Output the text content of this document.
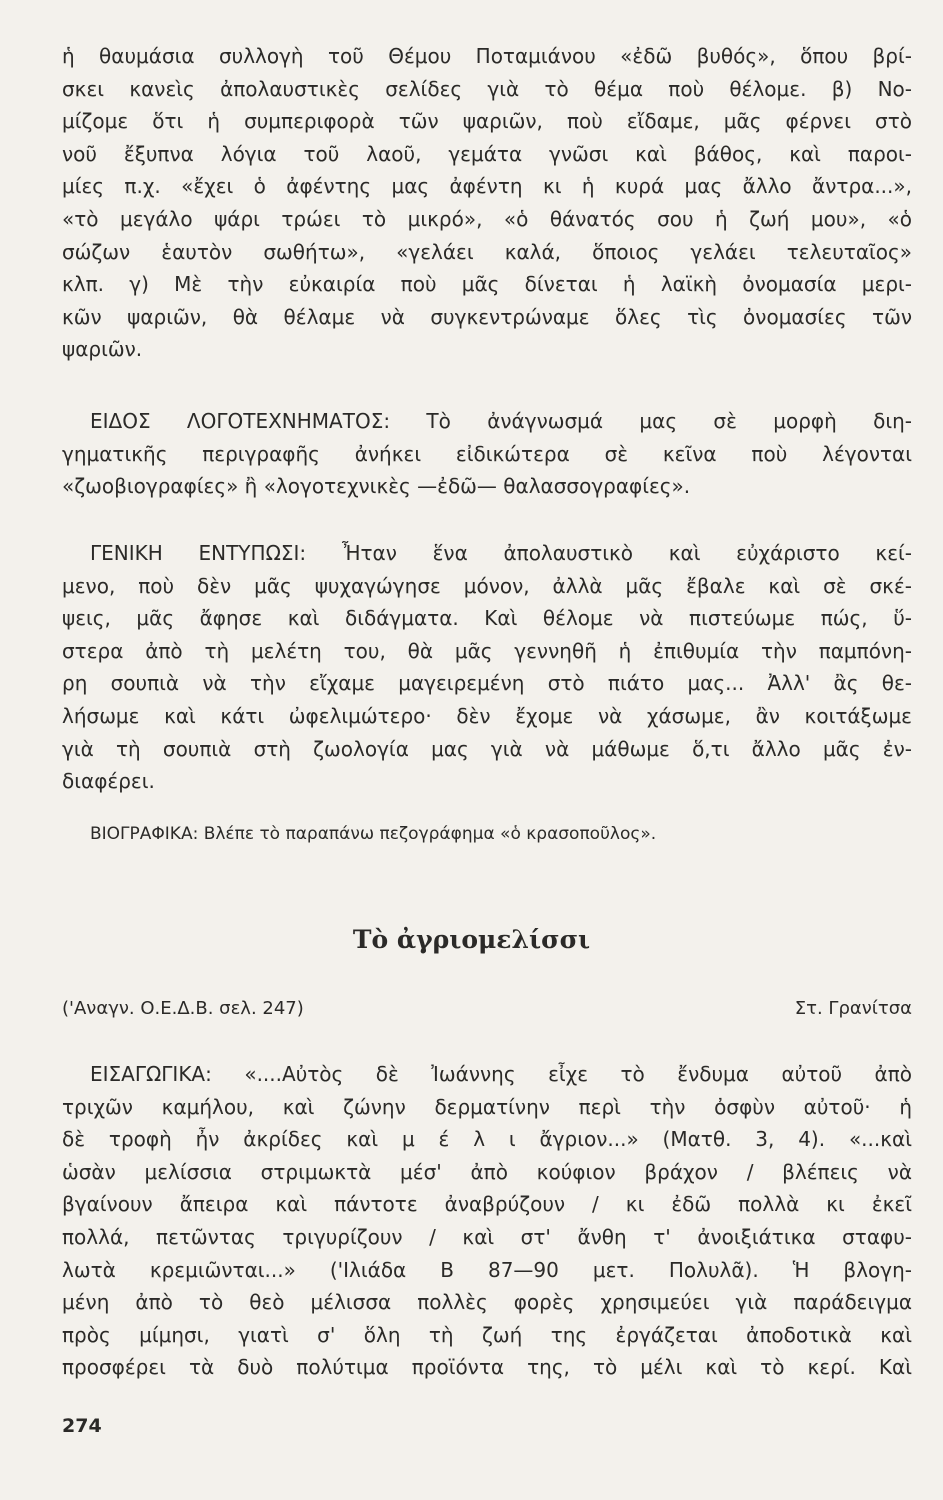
ἡ θαυμάσια συλλογὴ τοῦ Θέμου Ποταμιάνου «ἐδῶ βυθός», ὅπου βρί-
σκει κανεὶς ἀπολαυστικὲς σελίδες γιὰ τὸ θέμα ποὺ θέλομε. β) Νο-
μίζομε ὅτι ἡ συμπεριφορὰ τῶν ψαριῶν, ποὺ εἴδαμε, μᾶς φέρνει στὸ
νοῦ ἔξυπνα λόγια τοῦ λαοῦ, γεμάτα γνῶσι καὶ βάθος, καὶ παροι-
μίες π.χ. «ἔχει ὁ ἀφέντης μας ἀφέντη κι ἡ κυρά μας ἄλλο ἄντρα...»,
«τὸ μεγάλο ψάρι τρώει τὸ μικρό», «ὁ θάνατός σου ἡ ζωή μου», «ὁ
σώζων ἑαυτὸν σωθήτω», «γελάει καλά, ὅποιος γελάει τελευταῖος»
κλπ. γ) Μὲ τὴν εὐκαιρία ποὺ μᾶς δίνεται ἡ λαϊκὴ ὀνομασία μερι-
κῶν ψαριῶν, θὰ θέλαμε νὰ συγκεντρώναμε ὅλες τὶς ὀνομασίες τῶν
ψαριῶν.
ΕΙΔΟΣ ΛΟΓΟΤΕΧΝΗΜΑΤΟΣ: Τὸ ἀνάγνωσμά μας σὲ μορφὴ διη-
γηματικῆς περιγραφῆς ἀνήκει εἰδικώτερα σὲ κεῖνα ποὺ λέγονται
«ζωοβιογραφίες» ἢ «λογοτεχνικὲς —ἐδῶ— θαλασσογραφίες».
ΓΕΝΙΚΗ ΕΝΤΥΠΩΣΙ: Ἦταν ἕνα ἀπολαυστικὸ καὶ εὐχάριστο κεί-
μενο, ποὺ δὲν μᾶς ψυχαγώγησε μόνον, ἀλλὰ μᾶς ἔβαλε καὶ σὲ σκέ-
ψεις, μᾶς ἄφησε καὶ διδάγματα. Καὶ θέλομε νὰ πιστεύωμε πώς, ὕ-
στερα ἀπὸ τὴ μελέτη του, θὰ μᾶς γεννηθῆ ἡ ἐπιθυμία τὴν παμπόνη-
ρη σουπιὰ νὰ τὴν εἴχαμε μαγειρεμένη στὸ πιάτο μας... Ἀλλ' ἂς θε-
λήσωμε καὶ κάτι ὠφελιμώτερο· δὲν ἔχομε νὰ χάσωμε, ἂν κοιτάξωμε
γιὰ τὴ σουπιὰ στὴ ζωολογία μας γιὰ νὰ μάθωμε ὅ,τι ἄλλο μᾶς ἐν-
διαφέρει.
ΒΙΟΓΡΑΦΙΚΑ: Βλέπε τὸ παραπάνω πεζογράφημα «ὁ κρασοποῦλος».
Τὸ ἀγριομελίσσι
('Αναγν. Ο.Ε.Δ.Β. σελ. 247)	Στ. Γρανίτσα
ΕΙΣΑΓΩΓΙΚΑ: «....Αὐτὸς δὲ Ἰωάννης εἶχε τὸ ἔνδυμα αὐτοῦ ἀπὸ
τριχῶν καμήλου, καὶ ζώνην δερματίνην περὶ τὴν ὀσφὺν αὐτοῦ· ἡ
δὲ τροφὴ ἦν ἀκρίδες καὶ μ έ λ ι ἄγριον...» (Ματθ. 3, 4). «...καὶ
ὡσὰν μελίσσια στριμωκτὰ μέσ' ἀπὸ κούφιον βράχον / βλέπεις νὰ
βγαίνουν ἄπειρα καὶ πάντοτε ἀναβρύζουν / κι ἐδῶ πολλὰ κι ἐκεῖ
πολλά, πετῶντας τριγυρίζουν / καὶ στ' ἄνθη τ' ἀνοιξιάτικα σταφυ-
λωτὰ κρεμιῶνται...» ('Ιλιάδα Β 87—90 μετ. Πολυλᾶ). Ἡ βλογη-
μένη ἀπὸ τὸ θεὸ μέλισσα πολλὲς φορὲς χρησιμεύει γιὰ παράδειγμα
πρὸς μίμησι, γιατὶ σ' ὅλη τὴ ζωή της ἐργάζεται ἀποδοτικὰ καὶ
προσφέρει τὰ δυὸ πολύτιμα προϊόντα της, τὸ μέλι καὶ τὸ κερί. Καὶ
274
